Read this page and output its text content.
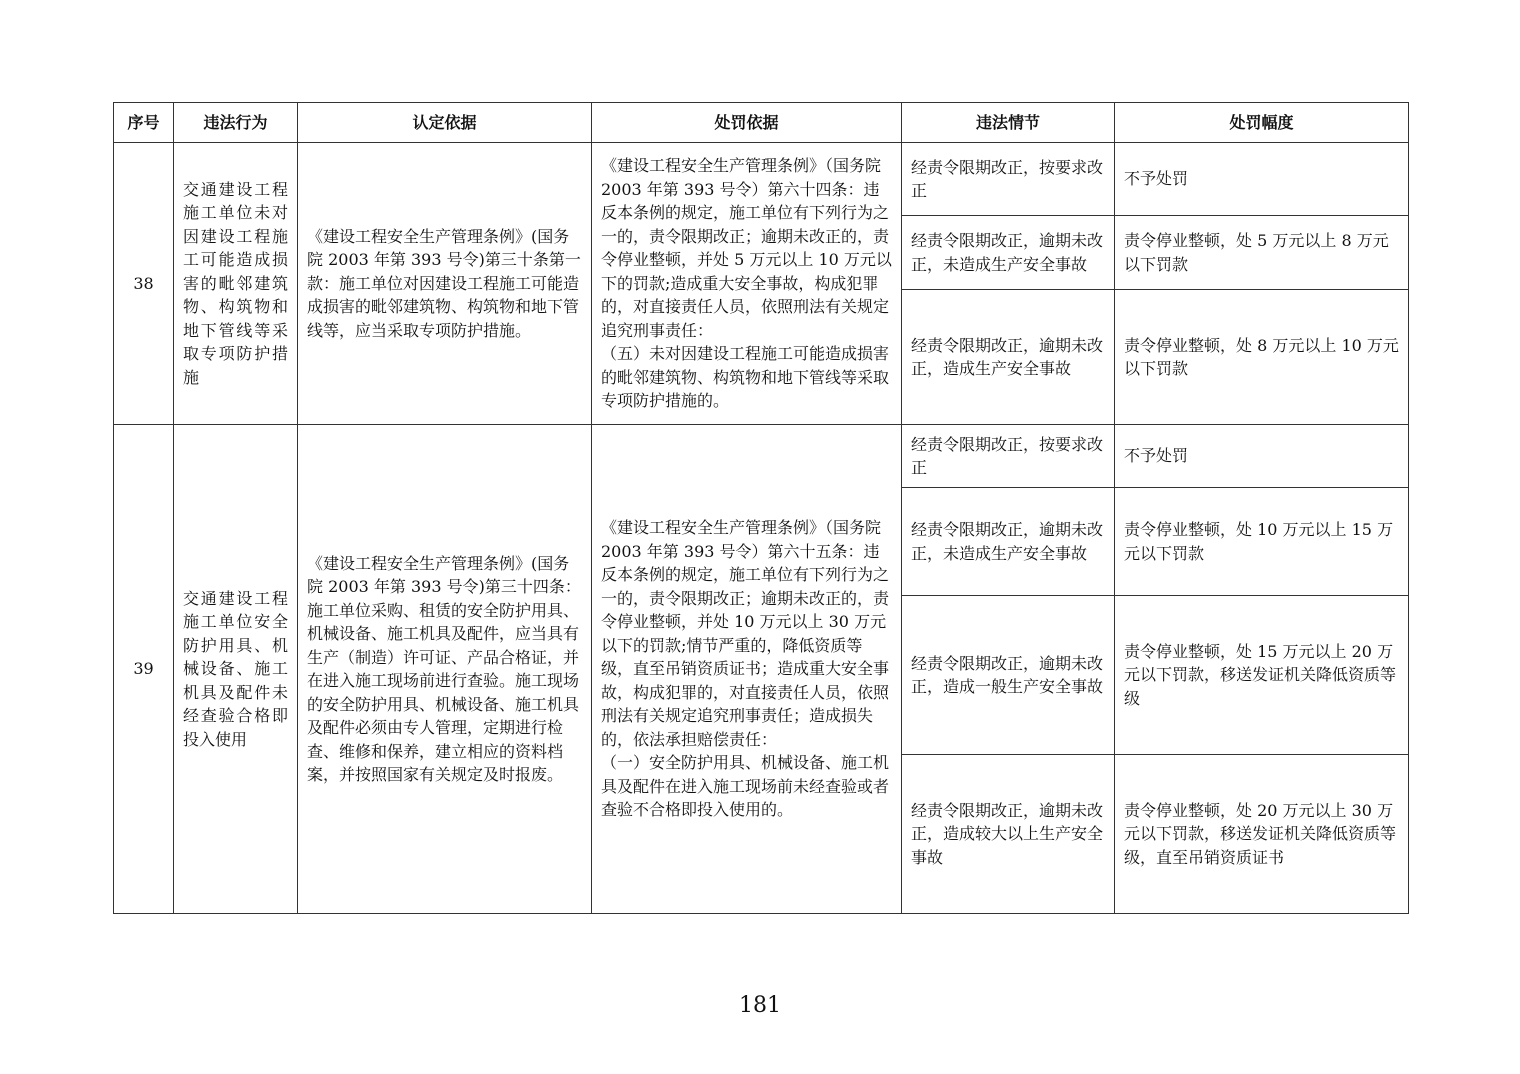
序号	违法行为	认定依据	处罚依据	违法情节	处罚幅度
38	交通建设工程施工单位未对因建设工程施工可能造成损害的毗邻建筑物、构筑物和地下管线等采取专项防护措施	《建设工程安全生产管理条例》(国务院 2003 年第 393 号令)第三十条第一款：施工单位对因建设工程施工可能造成损害的毗邻建筑物、构筑物和地下管线等，应当采取专项防护措施。	《建设工程安全生产管理条例》（国务院 2003 年第 393 号令）第六十四条：违反本条例的规定，施工单位有下列行为之一的，责令限期改正；逾期未改正的，责令停业整顿，并处 5 万元以上 10 万元以下的罚款;造成重大安全事故，构成犯罪的，对直接责任人员，依照刑法有关规定追究刑事责任：
（五）未对因建设工程施工可能造成损害的毗邻建筑物、构筑物和地下管线等采取专项防护措施的。	经责令限期改正，按要求改正	不予处罚
				经责令限期改正，逾期未改正，未造成生产安全事故	责令停业整顿，处 5 万元以上 8 万元以下罚款
				经责令限期改正，逾期未改正，造成生产安全事故	责令停业整顿，处 8 万元以上 10 万元以下罚款
39	交通建设工程施工单位安全防护用具、机械设备、施工机具及配件未经查验合格即投入使用	《建设工程安全生产管理条例》(国务院 2003 年第 393 号令)第三十四条：施工单位采购、租赁的安全防护用具、机械设备、施工机具及配件，应当具有生产（制造）许可证、产品合格证，并在进入施工现场前进行查验。施工现场的安全防护用具、机械设备、施工机具及配件必须由专人管理，定期进行检查、维修和保养，建立相应的资料档案，并按照国家有关规定及时报废。	《建设工程安全生产管理条例》（国务院 2003 年第 393 号令）第六十五条：违反本条例的规定，施工单位有下列行为之一的，责令限期改正；逾期未改正的，责令停业整顿，并处 10 万元以上 30 万元以下的罚款;情节严重的，降低资质等级，直至吊销资质证书；造成重大安全事故，构成犯罪的，对直接责任人员，依照刑法有关规定追究刑事责任；造成损失的，依法承担赔偿责任：
（一）安全防护用具、机械设备、施工机具及配件在进入施工现场前未经查验或者查验不合格即投入使用的。	经责令限期改正，按要求改正	不予处罚
				经责令限期改正，逾期未改正，未造成生产安全事故	责令停业整顿，处 10 万元以上 15 万元以下罚款
				经责令限期改正，逾期未改正，造成一般生产安全事故	责令停业整顿，处 15 万元以上 20 万元以下罚款，移送发证机关降低资质等级
				经责令限期改正，逾期未改正，造成较大以上生产安全事故	责令停业整顿，处 20 万元以上 30 万元以下罚款，移送发证机关降低资质等级，直至吊销资质证书
181
